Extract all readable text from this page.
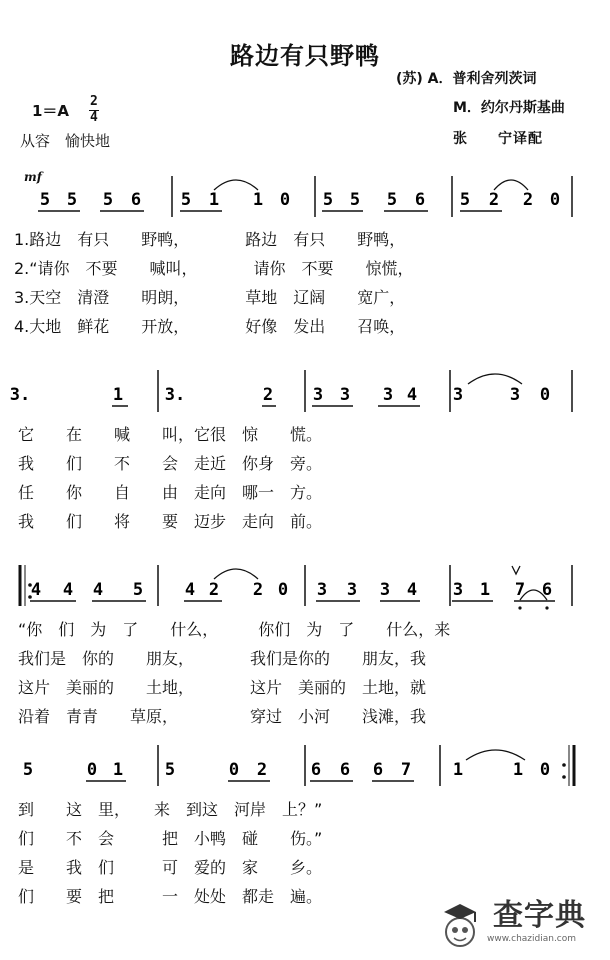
路边有只野鸭
(苏) A．普利舍列茨词
M．约尔丹斯基曲
张　　宁译配
1＝A
2
4
从容　愉快地
mf
5 5 5 6 5 1 1 0 5 5 5 6 5 2 2 0
3.	1 3.	2 3 3 3 4 3	3 0
4 4 4 5 4 2 2 0 3 3 3 4 3 1 7 6
5	0 1 5	0 2	6 6 6 7 1	1 0
1.路边　有只　　野鸭，　　　　路边　有只　　野鸭，
2.“请你　不要　　喊叫，　　　　请你　不要　　惊慌，
3.天空　清澄　　明朗，　　　　草地　辽阔　　宽广，
4.大地　鲜花　　开放，　　　　好像　发出　　召唤，
它　　在　　喊　　叫，它很　惊　　慌。
我　　们　　不　　会　走近　你身　旁。
任　　你　　自　　由　走向　哪一　方。
我　　们　　将　　要　迈步　走向　前。
“你　们　为　了　　什么，　　　你们　为　了　　什么，来
我们是　你的　　朋友，　　　　我们是你的　　朋友，我
这片　美丽的　　土地，　　　　这片　美丽的　土地，就
沿着　青青　　草原，　　　　　穿过　小河　　浅滩，我
到　　这　里，　　来　到这　河岸　上？”
们　　不　会　　　把　小鸭　碰　　伤。”
是　　我　们　　　可　爱的　家　　乡。
们　　要　把　　　一　处处　都走　遍。
查字典
www.chazidian.com
